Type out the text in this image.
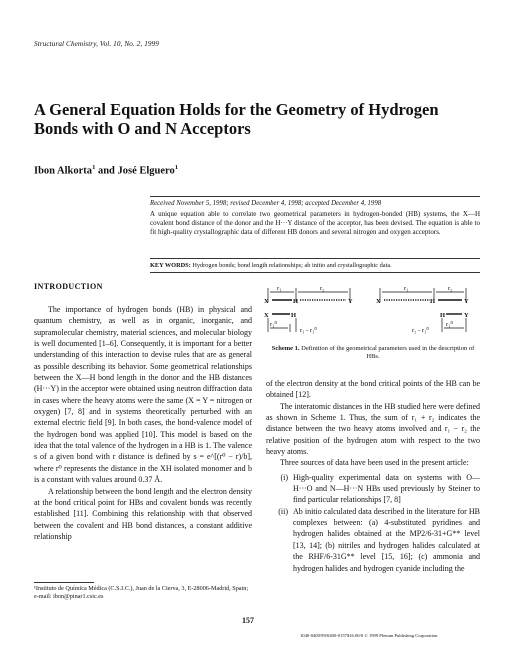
Structural Chemistry, Vol. 10, No. 2, 1999
A General Equation Holds for the Geometry of Hydrogen Bonds with O and N Acceptors
Ibon Alkorta$^1$ and José Elguero$^1$
Received November 5, 1998; revised December 4, 1998; accepted December 4, 1998
A unique equation able to correlate two geometrical parameters in hydrogen-bonded (HB) systems, the X—H covalent bond distance of the donor and the H···Y distance of the acceptor, has been devised. The equation is able to fit high-quality crystallographic data of different HB donors and several nitrogen and oxygen acceptors.
KEY WORDS: Hydrogen bonds; bond length relationships; ab initio and crystallographic data.
INTRODUCTION

The importance of hydrogen bonds (HB) in physical and quantum chemistry, as well as in organic, inorganic, and supramolecular chemistry, material sciences, and molecular biology is well documented [1–6]. Consequently, it is important for a better understanding of this interaction to devise rules that are as general as possible describing its behavior. Some geometrical relationships between the X—H bond length in the donor and the HB distances (H···Y) in the acceptor were obtained using neutron diffraction data in cases where the heavy atoms were the same (X = Y = nitrogen or oxygen) [7, 8] and in systems theoretically perturbed with an external electric field [9]. In both cases, the bond-valence model of the hydrogen bond was applied [10]. This model is based on the idea that the total valence of the hydrogen in a HB is 1. The valence s of a given bond with r distance is defined by s = e^[(r⁰ − r)/b], where r⁰ represents the distance in the XH isolated monomer and b is a constant with values around 0.37 Å.

A relationship between the bond length and the electron density at the bond critical point for HBs and covalent bonds was recently established [11]. Combining this relationship with that observed between the covalent and HB bond distances, a constant additive relationship

¹Instituto de Química Médica (C.S.I.C.), Juan de la Cierva, 3, E-28006-Madrid, Spain; e-mail: ibon@pinar1.csic.es
r₁	r₂
X	H	Y
X	H
r₁⁰
r₁ - r₁⁰
r₁	r₂
X	H	Y
H	Y
r₂ - r₁⁰
r₁⁰
Scheme 1. Definition of the geometrical parameters used in the description of HBs.

of the electron density at the bond critical points of the HB can be obtained [12].

The interatomic distances in the HB studied here were defined as shown in Scheme 1. Thus, the sum of r₁ + r₂ indicates the distance between the two heavy atoms involved and r₁ − r₂ the relative position of the hydrogen atom with respect to the two heavy atoms.

Three sources of data have been used in the present article:

(i) High-quality experimental data on systems with O—H···O and N—H···N HBs used previously by Steiner to find particular relationships [7, 8]
(ii) Ab initio calculated data described in the literature for HB complexes between: (a) 4-substituted pyridines and hydrogen halides obtained at the MP2/6-31+G** level [13, 14]; (b) nitriles and hydrogen halides calculated at the RHF/6-31G** level [15, 16]; (c) ammonia and hydrogen halides and hydrogen cyanide including the
157
1040-0400/99/0400-0157$16.00/0 © 1999 Plenum Publishing Corporation
